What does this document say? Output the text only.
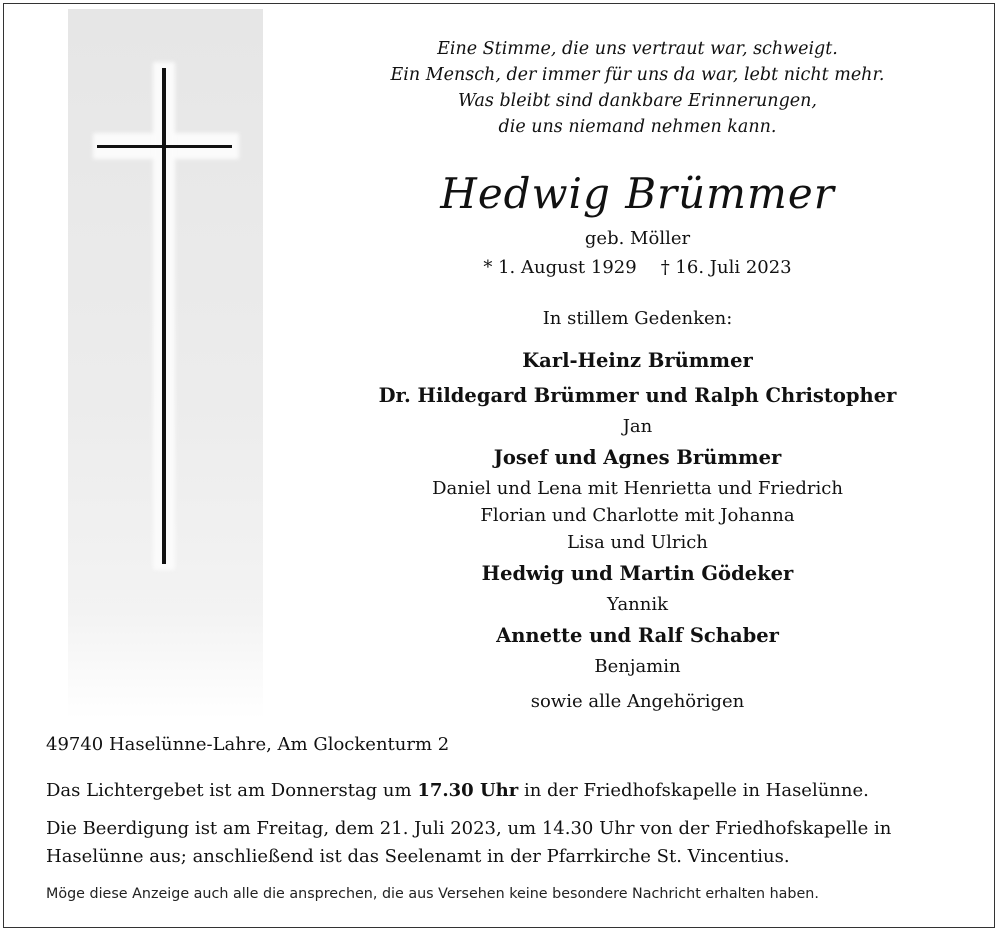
Eine Stimme, die uns vertraut war, schweigt.
Ein Mensch, der immer für uns da war, lebt nicht mehr.
Was bleibt sind dankbare Erinnerungen,
die uns niemand nehmen kann.
Hedwig Brümmer
geb. Möller
* 1. August 1929 † 16. Juli 2023
In stillem Gedenken:
Karl-Heinz Brümmer
Dr. Hildegard Brümmer und Ralph Christopher
Jan
Josef und Agnes Brümmer
Daniel und Lena mit Henrietta und Friedrich
Florian und Charlotte mit Johanna
Lisa und Ulrich
Hedwig und Martin Gödeker
Yannik
Annette und Ralf Schaber
Benjamin
sowie alle Angehörigen
49740 Haselünne-Lahre, Am Glockenturm 2
Das Lichtergebet ist am Donnerstag um 17.30 Uhr in der Friedhofskapelle in Haselünne.
Die Beerdigung ist am Freitag, dem 21. Juli 2023, um 14.30 Uhr von der Friedhofskapelle in Haselünne aus; anschließend ist das Seelenamt in der Pfarrkirche St. Vincentius.
Möge diese Anzeige auch alle die ansprechen, die aus Versehen keine besondere Nachricht erhalten haben.
